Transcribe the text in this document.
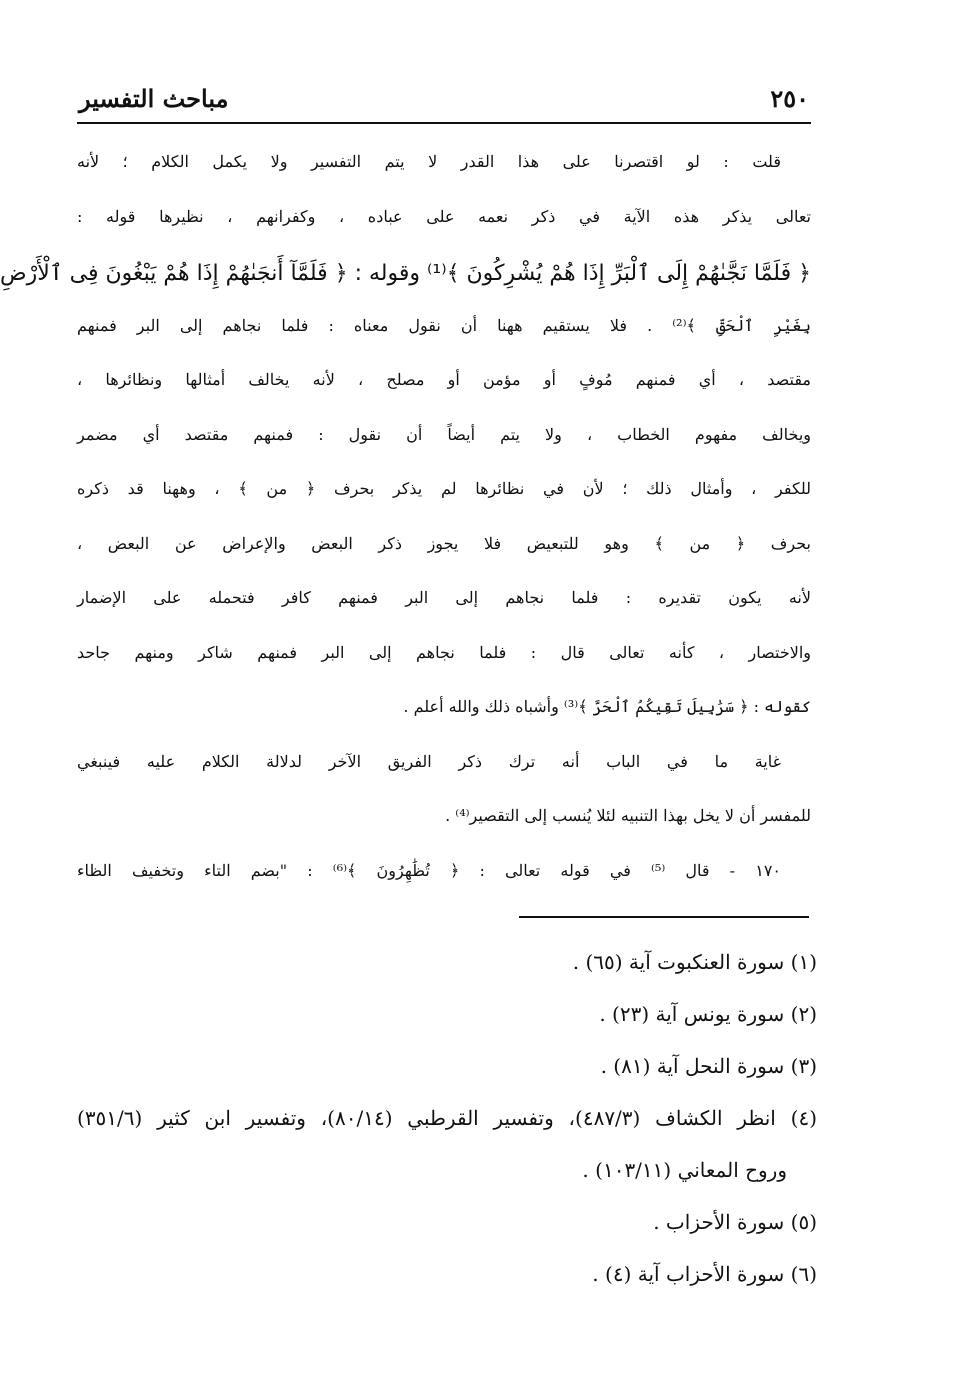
٢٥٠
مباحث التفسير
قلت : لو اقتصرنا على هذا القدر لا يتم التفسير ولا يكمل الكلام ؛ لأنه
تعالى يذكر هذه الآية في ذكر نعمه على عباده ، وكفرانهم ، نظيرها قوله :
﴿ فَلَمَّا نَجَّىٰهُمْ إِلَى ٱلْبَرِّ إِذَا هُمْ يُشْرِكُونَ ﴾⁽¹⁾ وقوله : ﴿ فَلَمَّآ أَنجَىٰهُمْ إِذَا هُمْ يَبْغُونَ فِى ٱلْأَرْضِ
بِغَيْرِ ٱلْحَقِّ ﴾⁽²⁾ . فلا يستقيم ههنا أن نقول معناه : فلما نجاهم إلى البر فمنهم
مقتصد ، أي فمنهم مُوفٍ أو مؤمن أو مصلح ، لأنه يخالف أمثالها ونظائرها ،
ويخالف مفهوم الخطاب ، ولا يتم أيضاً أن نقول : فمنهم مقتصد أي مضمر
للكفر ، وأمثال ذلك ؛ لأن في نظائرها لم يذكر بحرف ﴿ من ﴾ ، وههنا قد ذكره
بحرف ﴿ من ﴾ وهو للتبعيض فلا يجوز ذكر البعض والإعراض عن البعض ،
لأنه يكون تقديره : فلما نجاهم إلى البر فمنهم كافر فتحمله على الإضمار
والاختصار ، كأنه تعالى قال : فلما نجاهم إلى البر فمنهم شاكر ومنهم جاحد
كقوله : ﴿ سَرَٰبِيلَ تَقِيكُمُ ٱلْحَرَّ ﴾⁽³⁾ وأشباه ذلك والله أعلم .
غاية ما في الباب أنه ترك ذكر الفريق الآخر لدلالة الكلام عليه فينبغي
للمفسر أن لا يخل بهذا التنبيه لئلا يُنسب إلى التقصير⁽⁴⁾ .
١٧٠ - قال ⁽⁵⁾ في قوله تعالى : ﴿ تُظَٰهِرُونَ ﴾⁽⁶⁾ : "بضم التاء وتخفيف الظاء
(١) سورة العنكبوت آية (٦٥) .
(٢) سورة يونس آية (٢٣) .
(٣) سورة النحل آية (٨١) .
(٤) انظر الكشاف (٤٨٧/٣)، وتفسير القرطبي (٨٠/١٤)، وتفسير ابن كثير (٣٥١/٦)
وروح المعاني (١٠٣/١١) .
(٥) سورة الأحزاب .
(٦) سورة الأحزاب آية (٤) .
